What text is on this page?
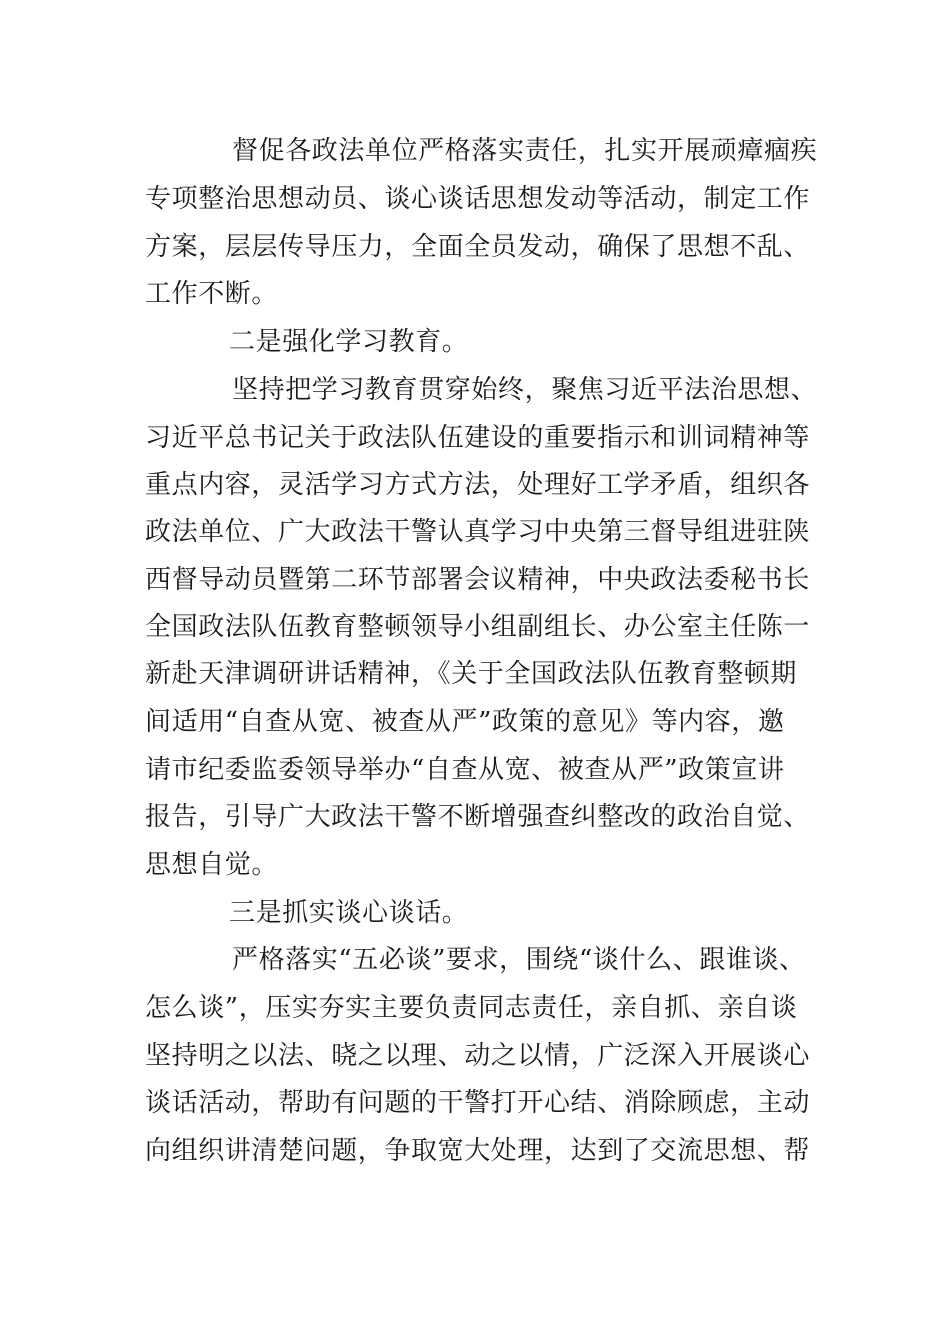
督促各政法单位严格落实责任，扎实开展顽瘴痼疾
专项整治思想动员、谈心谈话思想发动等活动，制定工作
方案，层层传导压力，全面全员发动，确保了思想不乱、
工作不断。
二是强化学习教育。
坚持把学习教育贯穿始终，聚焦习近平法治思想、
习近平总书记关于政法队伍建设的重要指示和训词精神等
重点内容，灵活学习方式方法，处理好工学矛盾，组织各
政法单位、广大政法干警认真学习中央第三督导组进驻陕
西督导动员暨第二环节部署会议精神，中央政法委秘书长
全国政法队伍教育整顿领导小组副组长、办公室主任陈一
新赴天津调研讲话精神，《关于全国政法队伍教育整顿期
间适用“自查从宽、被查从严”政策的意见》等内容，邀
请市纪委监委领导举办“自查从宽、被查从严”政策宣讲
报告，引导广大政法干警不断增强查纠整改的政治自觉、
思想自觉。
三是抓实谈心谈话。
严格落实“五必谈”要求，围绕“谈什么、跟谁谈、
怎么谈”，压实夯实主要负责同志责任，亲自抓、亲自谈
坚持明之以法、晓之以理、动之以情，广泛深入开展谈心
谈话活动，帮助有问题的干警打开心结、消除顾虑，主动
向组织讲清楚问题，争取宽大处理，达到了交流思想、帮
